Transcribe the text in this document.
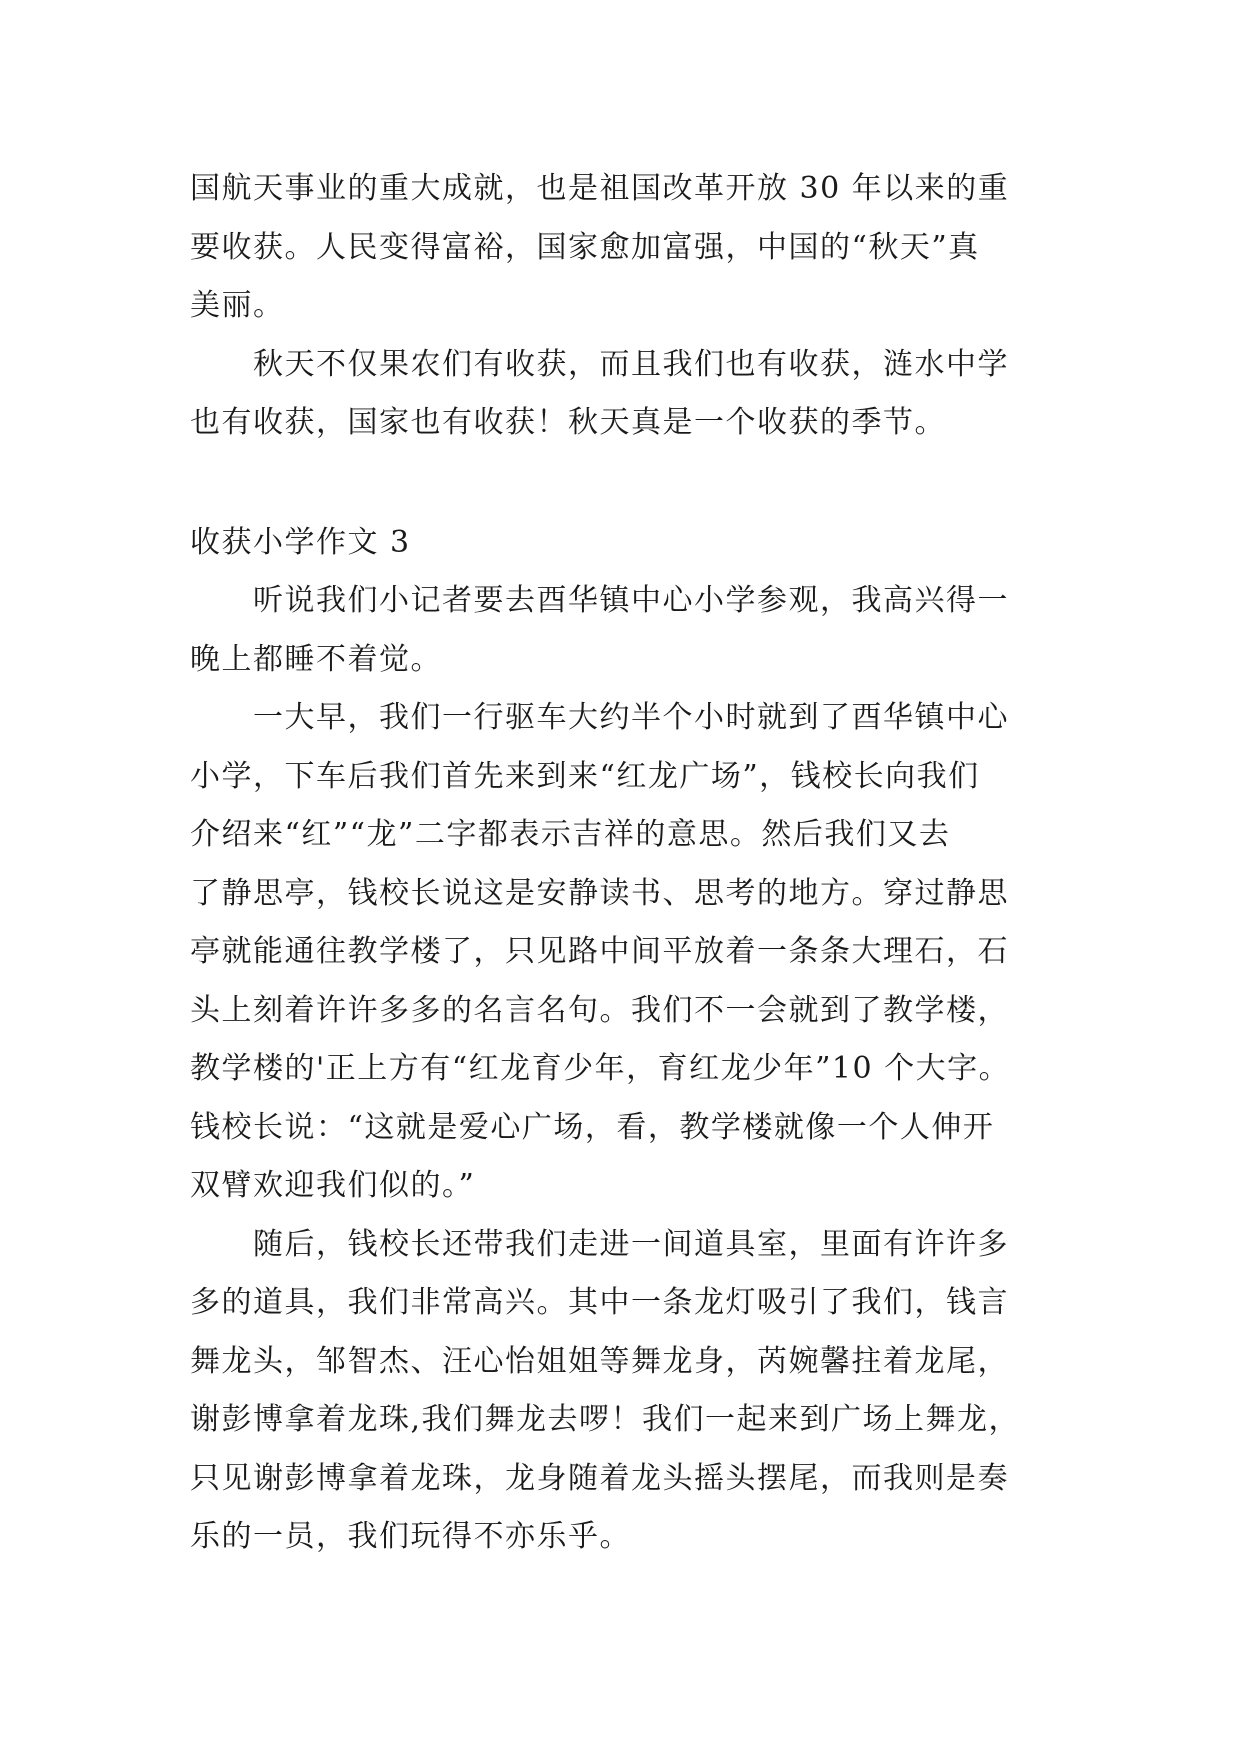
国航天事业的重大成就，也是祖国改革开放 30 年以来的重
要收获。人民变得富裕，国家愈加富强，中国的“秋天”真
美丽。
秋天不仅果农们有收获，而且我们也有收获，涟水中学
也有收获，国家也有收获！秋天真是一个收获的季节。
收获小学作文 3
听说我们小记者要去酉华镇中心小学参观，我高兴得一
晚上都睡不着觉。
一大早，我们一行驱车大约半个小时就到了酉华镇中心
小学，下车后我们首先来到来“红龙广场”，钱校长向我们
介绍来“红”“龙”二字都表示吉祥的意思。然后我们又去
了静思亭，钱校长说这是安静读书、思考的地方。穿过静思
亭就能通往教学楼了，只见路中间平放着一条条大理石，石
头上刻着许许多多的名言名句。我们不一会就到了教学楼，
教学楼的'正上方有“红龙育少年，育红龙少年”10 个大字。
钱校长说：“这就是爱心广场，看，教学楼就像一个人伸开
双臂欢迎我们似的。”
随后，钱校长还带我们走进一间道具室，里面有许许多
多的道具，我们非常高兴。其中一条龙灯吸引了我们，钱言
舞龙头，邹智杰、汪心怡姐姐等舞龙身，芮婉馨拄着龙尾，
谢彭博拿着龙珠,我们舞龙去啰！我们一起来到广场上舞龙，
只见谢彭博拿着龙珠，龙身随着龙头摇头摆尾，而我则是奏
乐的一员，我们玩得不亦乐乎。
